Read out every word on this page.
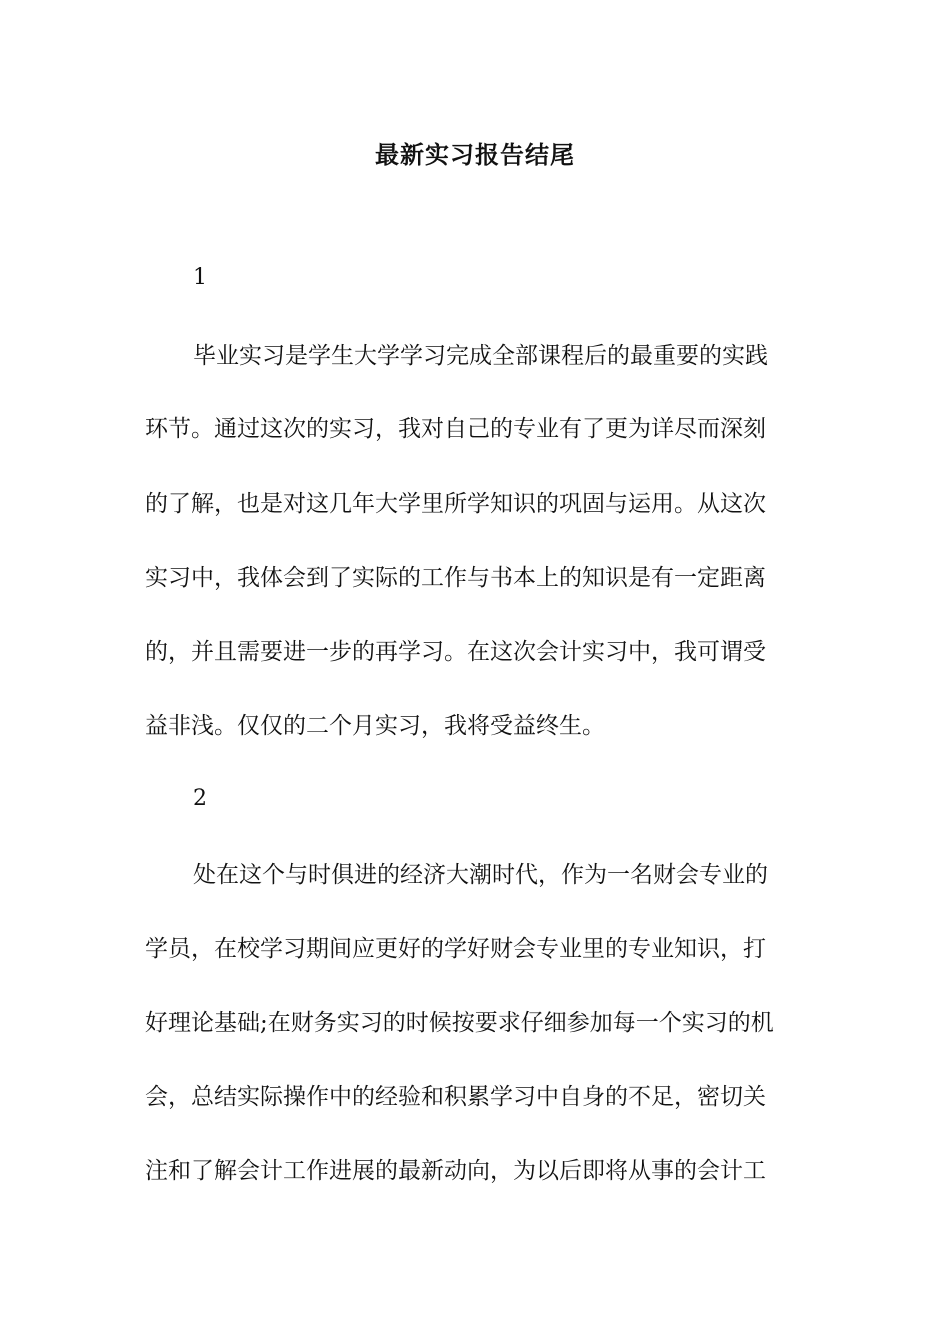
最新实习报告结尾
1
毕业实习是学生大学学习完成全部课程后的最重要的实践
环节。通过这次的实习，我对自己的专业有了更为详尽而深刻
的了解，也是对这几年大学里所学知识的巩固与运用。从这次
实习中，我体会到了实际的工作与书本上的知识是有一定距离
的，并且需要进一步的再学习。在这次会计实习中，我可谓受
益非浅。仅仅的二个月实习，我将受益终生。
2
处在这个与时俱进的经济大潮时代，作为一名财会专业的
学员，在校学习期间应更好的学好财会专业里的专业知识，打
好理论基础;在财务实习的时候按要求仔细参加每一个实习的机
会，总结实际操作中的经验和积累学习中自身的不足，密切关
注和了解会计工作进展的最新动向，为以后即将从事的会计工
